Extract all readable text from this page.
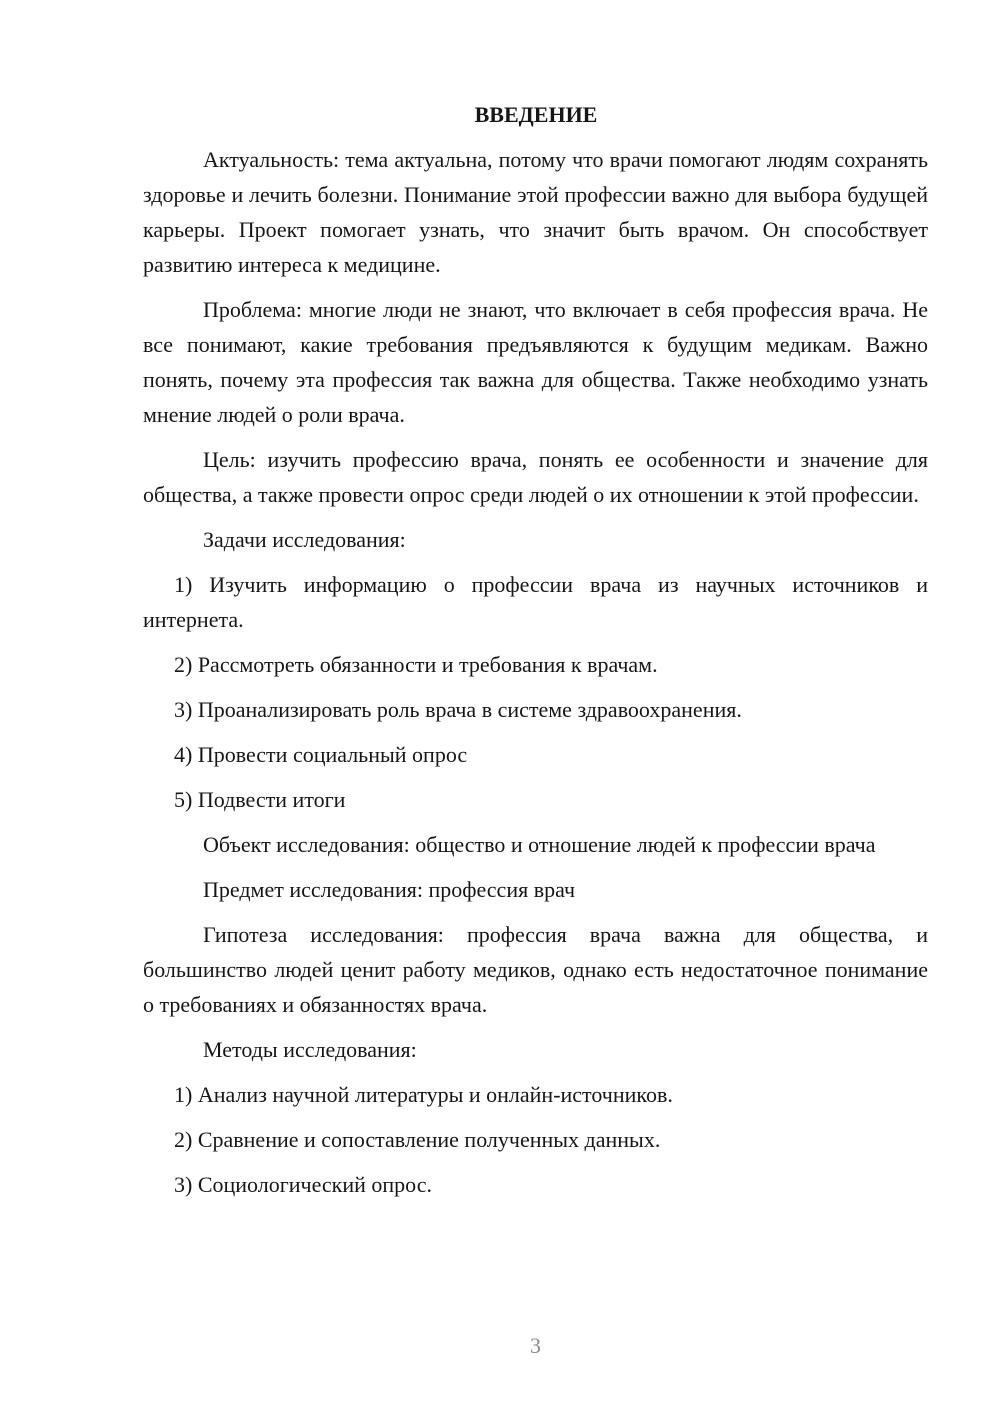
ВВЕДЕНИЕ

Актуальность: тема актуальна, потому что врачи помогают людям сохранять здоровье и лечить болезни. Понимание этой профессии важно для выбора будущей карьеры. Проект помогает узнать, что значит быть врачом. Он способствует развитию интереса к медицине.

Проблема: многие люди не знают, что включает в себя профессия врача. Не все понимают, какие требования предъявляются к будущим медикам. Важно понять, почему эта профессия так важна для общества. Также необходимо узнать мнение людей о роли врача.

Цель: изучить профессию врача, понять ее особенности и значение для общества, а также провести опрос среди людей о их отношении к этой профессии.

Задачи исследования:

1) Изучить информацию о профессии врача из научных источников и интернета.

2) Рассмотреть обязанности и требования к врачам.

3) Проанализировать роль врача в системе здравоохранения.

4) Провести социальный опрос

5) Подвести итоги

Объект исследования: общество и отношение людей к профессии врача

Предмет исследования: профессия врач

Гипотеза исследования: профессия врача важна для общества, и большинство людей ценит работу медиков, однако есть недостаточное понимание о требованиях и обязанностях врача.

Методы исследования:

1) Анализ научной литературы и онлайн-источников.

2) Сравнение и сопоставление полученных данных.

3) Социологический опрос.

3
